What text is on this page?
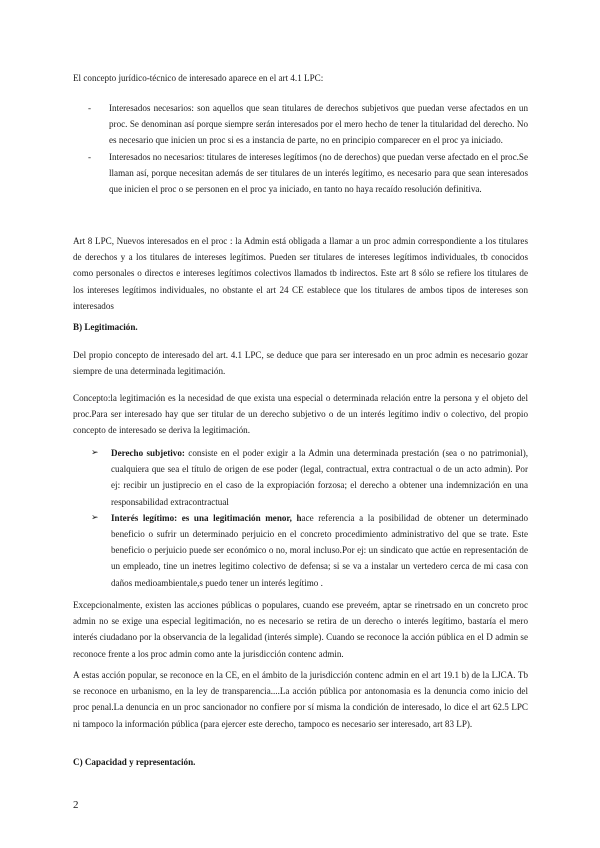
El concepto jurídico-técnico de interesado aparece en el art 4.1 LPC:

- Interesados necesarios: son aquellos que sean titulares de derechos subjetivos que puedan verse afectados en un proc. Se denominan así porque siempre serán interesados por el mero hecho de tener la titularidad del derecho. No es necesario que inicien un proc si es a instancia de parte, no en principio comparecer en el proc ya iniciado.
- Interesados no necesarios: titulares de intereses legítimos (no de derechos) que puedan verse afectado en el proc.Se llaman así, porque necesitan además de ser titulares de un interés legítimo, es necesario para que sean interesados que inicien el proc o se personen en el proc ya iniciado, en tanto no haya recaído resolución definitiva.

Art 8 LPC, Nuevos interesados en el proc : la Admin está obligada a llamar a un proc admin correspondiente a los titulares de derechos y a los titulares de intereses legítimos. Pueden ser titulares de intereses legítimos individuales, tb conocidos como personales o directos e intereses legítimos colectivos llamados tb indirectos. Este art 8 sólo se refiere los titulares de los intereses legítimos individuales, no obstante el art 24 CE establece que los titulares de ambos tipos de intereses son interesados

B) Legitimación.

Del propio concepto de interesado del art. 4.1 LPC, se deduce que para ser interesado en un proc admin es necesario gozar siempre de una determinada legitimación.

Concepto:la legitimación es la necesidad de que exista una especial o determinada relación entre la persona y el objeto del proc.Para ser interesado hay que ser titular de un derecho subjetivo o de un interés legítimo indiv o colectivo, del propio concepto de interesado se deriva la legitimación.

➢ Derecho subjetivo: consiste en el poder exigir a la Admin una determinada prestación (sea o no patrimonial), cualquiera que sea el título de origen de ese poder (legal, contractual, extra contractual o de un acto admin). Por ej: recibir un justiprecio en el caso de la expropiación forzosa; el derecho a obtener una indemnización en una responsabilidad extracontractual
➢ Interés legítimo: es una legitimación menor, hace referencia a la posibilidad de obtener un determinado beneficio o sufrir un determinado perjuicio en el concreto procedimiento administrativo del que se trate. Este beneficio o perjuicio puede ser económico o no, moral incluso.Por ej: un sindicato que actúe en representación de un empleado, tine un inetres legitimo colectivo de defensa; si se va a instalar un vertedero cerca de mi casa con daños medioambientale,s puedo tener un interés legítimo .

Excepcionalmente, existen las acciones públicas o populares, cuando ese preveém, aptar se rinetrsado en un concreto proc admin no se exige una especial legitimación, no es necesario se retira de un derecho o interés legítimo, bastaría el mero interés ciudadano por la observancia de la legalidad (interés simple). Cuando se reconoce la acción pública en el D admin se reconoce frente a los proc admin como ante la jurisdicción contenc admin.

A estas acción popular, se reconoce en la CE, en el ámbito de la jurisdicción contenc admin en el art 19.1 b) de la LJCA. Tb se reconoce en urbanismo, en la ley de transparencia....La acción pública por antonomasia es la denuncia como inicio del proc penal.La denuncia en un proc sancionador no confiere por sí misma la condición de interesado, lo dice el art 62.5 LPC ni tampoco la información pública (para ejercer este derecho, tampoco es necesario ser interesado, art 83 LP).

C) Capacidad y representación.

2
